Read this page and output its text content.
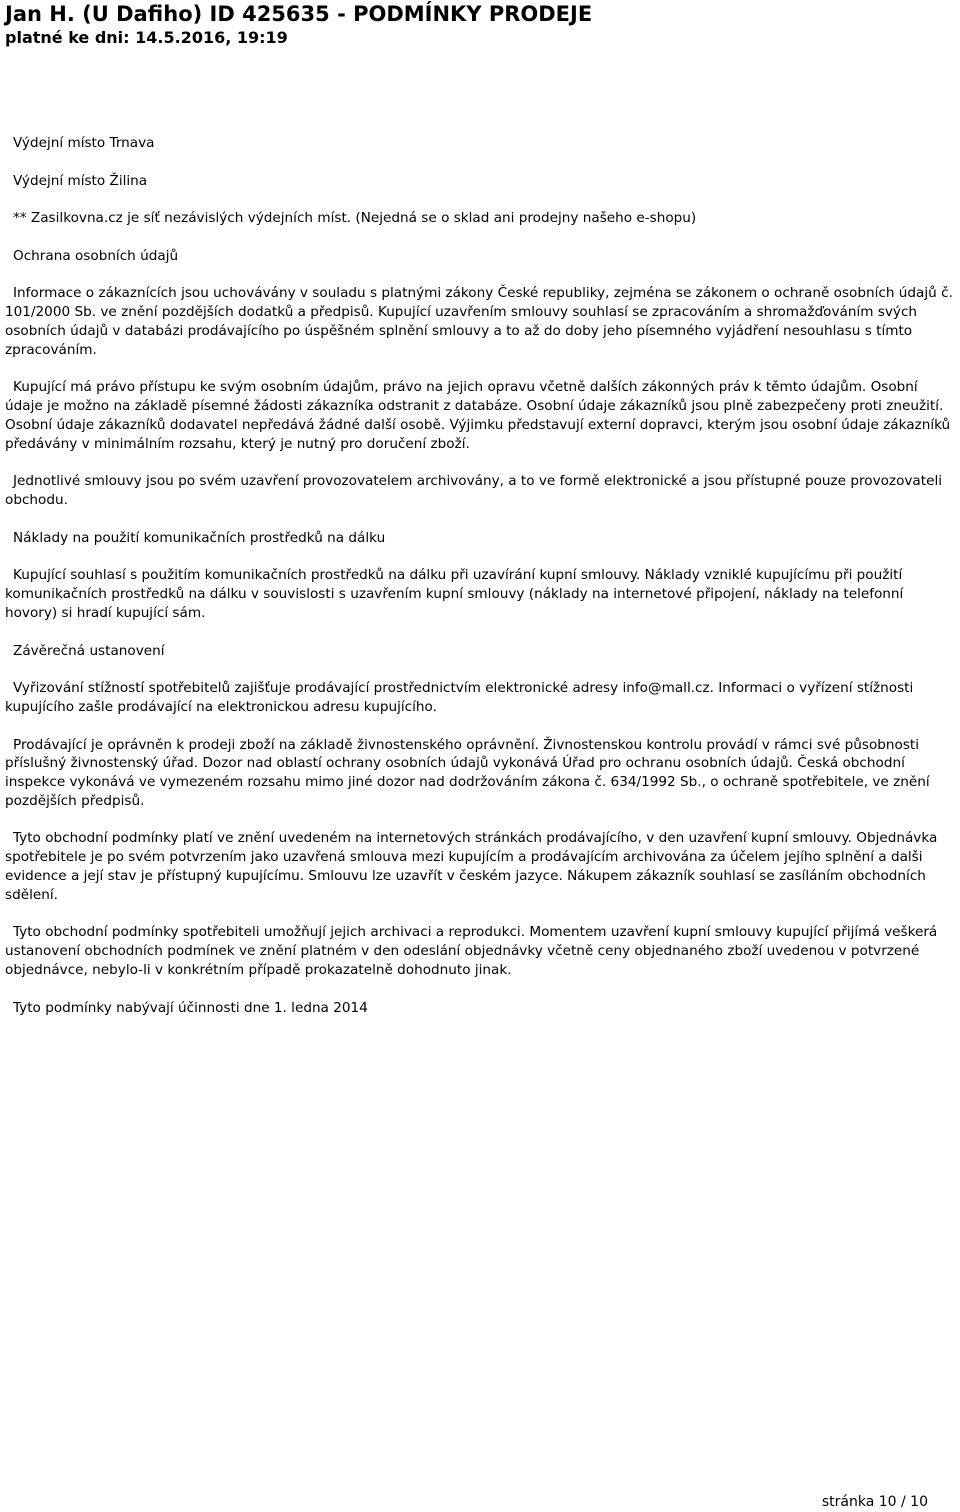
Jan H. (U Dafiho) ID 425635 - PODMÍNKY PRODEJE
platné ke dni: 14.5.2016, 19:19

Výdejní místo Trnava

Výdejní místo Žilina

** Zasilkovna.cz je síť nezávislých výdejních míst. (Nejedná se o sklad ani prodejny našeho e-shopu)

Ochrana osobních údajů

Informace o zákaznících jsou uchovávány v souladu s platnými zákony České republiky, zejména se zákonem o ochraně osobních údajů č. 101/2000 Sb. ve znění pozdějších dodatků a předpisů. Kupující uzavřením smlouvy souhlasí se zpracováním a shromažďováním svých osobních údajů v databázi prodávajícího po úspěšném splnění smlouvy a to až do doby jeho písemného vyjádření nesouhlasu s tímto zpracováním.

Kupující má právo přístupu ke svým osobním údajům, právo na jejich opravu včetně dalších zákonných práv k těmto údajům. Osobní údaje je možno na základě písemné žádosti zákazníka odstranit z databáze. Osobní údaje zákazníků jsou plně zabezpečeny proti zneužití. Osobní údaje zákazníků dodavatel nepředává žádné další osobě. Výjimku představují externí dopravci, kterým jsou osobní údaje zákazníků předávány v minimálním rozsahu, který je nutný pro doručení zboží.

Jednotlivé smlouvy jsou po svém uzavření provozovatelem archivovány, a to ve formě elektronické a jsou přístupné pouze provozovateli obchodu.

Náklady na použití komunikačních prostředků na dálku

Kupující souhlasí s použitím komunikačních prostředků na dálku při uzavírání kupní smlouvy. Náklady vzniklé kupujícímu při použití komunikačních prostředků na dálku v souvislosti s uzavřením kupní smlouvy (náklady na internetové připojení, náklady na telefonní hovory) si hradí kupující sám.

Závěrečná ustanovení

Vyřizování stížností spotřebitelů zajišťuje prodávající prostřednictvím elektronické adresy info@mall.cz. Informaci o vyřízení stížnosti kupujícího zašle prodávající na elektronickou adresu kupujícího.

Prodávající je oprávněn k prodeji zboží na základě živnostenského oprávnění. Živnostenskou kontrolu provádí v rámci své působnosti příslušný živnostenský úřad. Dozor nad oblastí ochrany osobních údajů vykonává Úřad pro ochranu osobních údajů. Česká obchodní inspekce vykonává ve vymezeném rozsahu mimo jiné dozor nad dodržováním zákona č. 634/1992 Sb., o ochraně spotřebitele, ve znění pozdějších předpisů.

Tyto obchodní podmínky platí ve znění uvedeném na internetových stránkách prodávajícího, v den uzavření kupní smlouvy. Objednávka spotřebitele je po svém potvrzením jako uzavřená smlouva mezi kupujícím a prodávajícím archivována za účelem jejího splnění a dalši evidence a její stav je přístupný kupujícímu. Smlouvu lze uzavřít v českém jazyce. Nákupem zákazník souhlasí se zasíláním obchodních sdělení.

Tyto obchodní podmínky spotřebiteli umožňují jejich archivaci a reprodukci. Momentem uzavření kupní smlouvy kupující přijímá veškerá ustanovení obchodních podmínek ve znění platném v den odeslání objednávky včetně ceny objednaného zboží uvedenou v potvrzené objednávce, nebylo-li v konkrétním případě prokazatelně dohodnuto jinak.

Tyto podmínky nabývají účinnosti dne 1. ledna 2014

stránka 10 / 10
